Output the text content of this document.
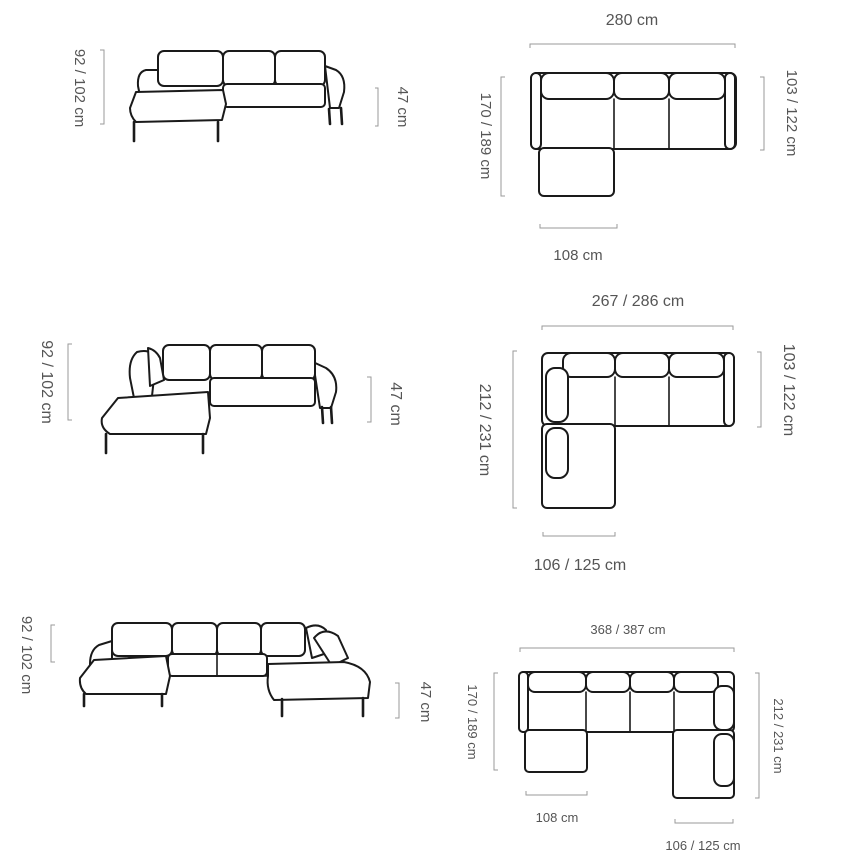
92 / 102 cm	47 cm
280 cm
170 / 189 cm	103 / 122 cm
108 cm
92 / 102 cm	47 cm
267 / 286 cm
212 / 231 cm	103 / 122 cm
106 / 125 cm
92 / 102 cm
47 cm
368 / 387 cm
170 / 189 cm	212 / 231 cm
108 cm
106 / 125 cm
